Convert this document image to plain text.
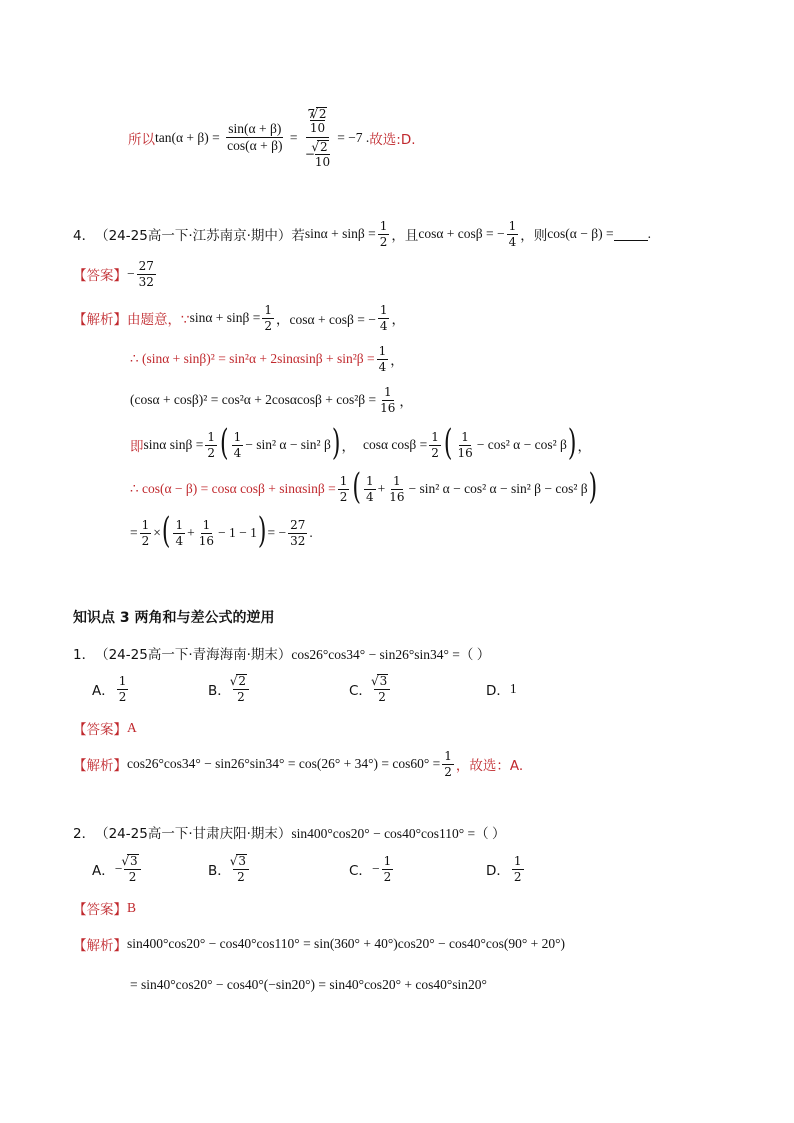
所以 $\tan(\alpha + \beta) = \frac{\sin(\alpha + \beta)}{\cos(\alpha + \beta)} = 7√$ 2
10
−
√ $\frac{2}{10} = -7$ . 故选:D.
4． （24-25高一下·江苏南京·期中） 若 $\sin\alpha + \sin\beta = \frac{1}{2}$ ，且 cosα + cosβ = − $\frac{1}{4}$ ，则 cos(α − β) =	.
【答案】 − $\frac{27}{32}$
【解析】 由题意，∵ $\sin\alpha + \sin\beta = \frac{1}{2}$ ，cosα + cosβ = − $\frac{1}{4}$ ，
∴ $(\sin\alpha + \sin\beta)^2 = \sin^2\alpha + 2\sin\alpha\sin\beta + \sin^2\beta = \frac{1}{4}$ ，
$(\cos\alpha + \cos\beta)^2 = \cos^2\alpha + 2\cos\alpha\cos\beta + \cos^2\beta = \frac{1}{16}$ ，
即 sinα $\sin\beta = \frac{1}{2}$ ( $\frac{1}{4} - \sin^2$ α − sin² β ) ， cosα $\cos\beta = \frac{1}{2}$ ( $\frac{1}{16} - \cos^2$ α − cos² β ) ，
∴ cos(α − β) = cosα $\cos\beta + \sin\alpha\sin\beta = \frac{1}{2}$ ( $\frac{1}{4} + \frac{1}{16} - \sin^2$ α − cos² α − sin² β − cos² β )
= $\frac{1}{2}$ × ( $\frac{1}{4} + \frac{1}{16} - 1 - 1$ ) = − $\frac{27}{32}$ .
知识点 3 两角和与差公式的逆用
1． （24-25高一下·青海海南·期末） cos26°cos34° − sin26°sin34° =（ ）
A． $\frac{1}{2}$	B．
√ $\frac{2}{2}$	C．
√ $\frac{3}{2}$	D． 1
【答案】 A
【解析】 $\cos 26^\circ\cos 34^\circ - \sin 26^\circ\sin 34^\circ = \cos(26^\circ + 34^\circ) = \cos 60^\circ = \frac{1}{2}$ ，故选：A.
2． （24-25高一下·甘肃庆阳·期末） sin400°cos20° − cos40°cos110° =（ ）
A． −
√ $\frac{3}{2}$	B．
√ $\frac{3}{2}$	C． − $\frac{1}{2}$	D． $\frac{1}{2}$
【答案】 B
【解析】 sin400°cos20° − cos40°cos110° = sin(360° + 40°)cos20° − cos40°cos(90° + 20°)
= sin40°cos20° − cos40°(−sin20°) = sin40°cos20° + cos40°sin20°
